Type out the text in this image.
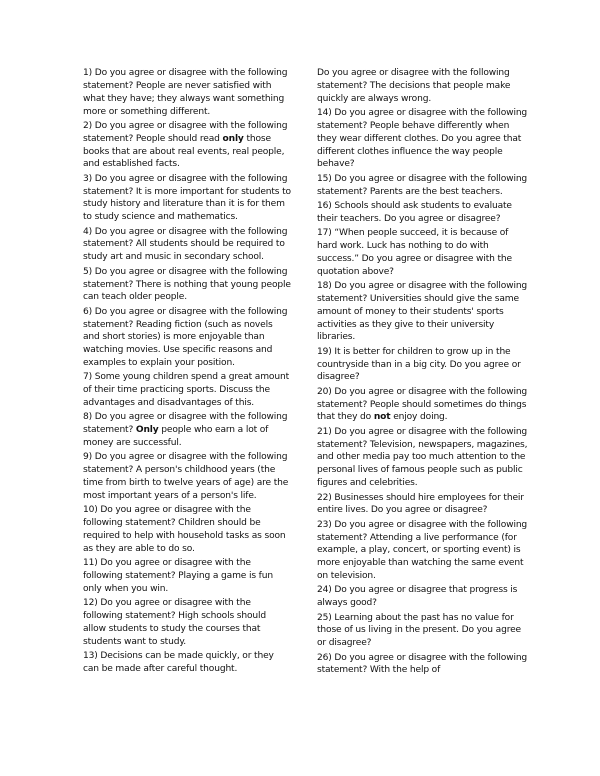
1) Do you agree or disagree with the following statement? People are never satisfied with what they have; they always want something more or something different.

2) Do you agree or disagree with the following statement? People should read only those books that are about real events, real people, and established facts.

3) Do you agree or disagree with the following statement? It is more important for students to study history and literature than it is for them to study science and mathematics.

4) Do you agree or disagree with the following statement? All students should be required to study art and music in secondary school.

5) Do you agree or disagree with the following statement? There is nothing that young people can teach older people.

6) Do you agree or disagree with the following statement? Reading fiction (such as novels and short stories) is more enjoyable than watching movies. Use specific reasons and examples to explain your position.

7) Some young children spend a great amount of their time practicing sports. Discuss the advantages and disadvantages of this.

8) Do you agree or disagree with the following statement? Only people who earn a lot of money are successful.

9) Do you agree or disagree with the following statement? A person's childhood years (the time from birth to twelve years of age) are the most important years of a person's life.

10) Do you agree or disagree with the following statement? Children should be required to help with household tasks as soon as they are able to do so.

11) Do you agree or disagree with the following statement? Playing a game is fun only when you win.

12) Do you agree or disagree with the following statement? High schools should allow students to study the courses that students want to study.

13) Decisions can be made quickly, or they can be made after careful thought.

Do you agree or disagree with the following statement? The decisions that people make quickly are always wrong.

14) Do you agree or disagree with the following statement? People behave differently when they wear different clothes. Do you agree that different clothes influence the way people behave?

15) Do you agree or disagree with the following statement? Parents are the best teachers.

16) Schools should ask students to evaluate their teachers. Do you agree or disagree?

17) “When people succeed, it is because of hard work. Luck has nothing to do with success.” Do you agree or disagree with the quotation above?

18) Do you agree or disagree with the following statement? Universities should give the same amount of money to their students' sports activities as they give to their university libraries.

19) It is better for children to grow up in the countryside than in a big city. Do you agree or disagree?

20) Do you agree or disagree with the following statement? People should sometimes do things that they do not enjoy doing.

21) Do you agree or disagree with the following statement? Television, newspapers, magazines, and other media pay too much attention to the personal lives of famous people such as public figures and celebrities.

22) Businesses should hire employees for their entire lives. Do you agree or disagree?

23) Do you agree or disagree with the following statement? Attending a live performance (for example, a play, concert, or sporting event) is more enjoyable than watching the same event on television.

24) Do you agree or disagree that progress is always good?

25) Learning about the past has no value for those of us living in the present. Do you agree or disagree?

26) Do you agree or disagree with the following statement? With the help of
